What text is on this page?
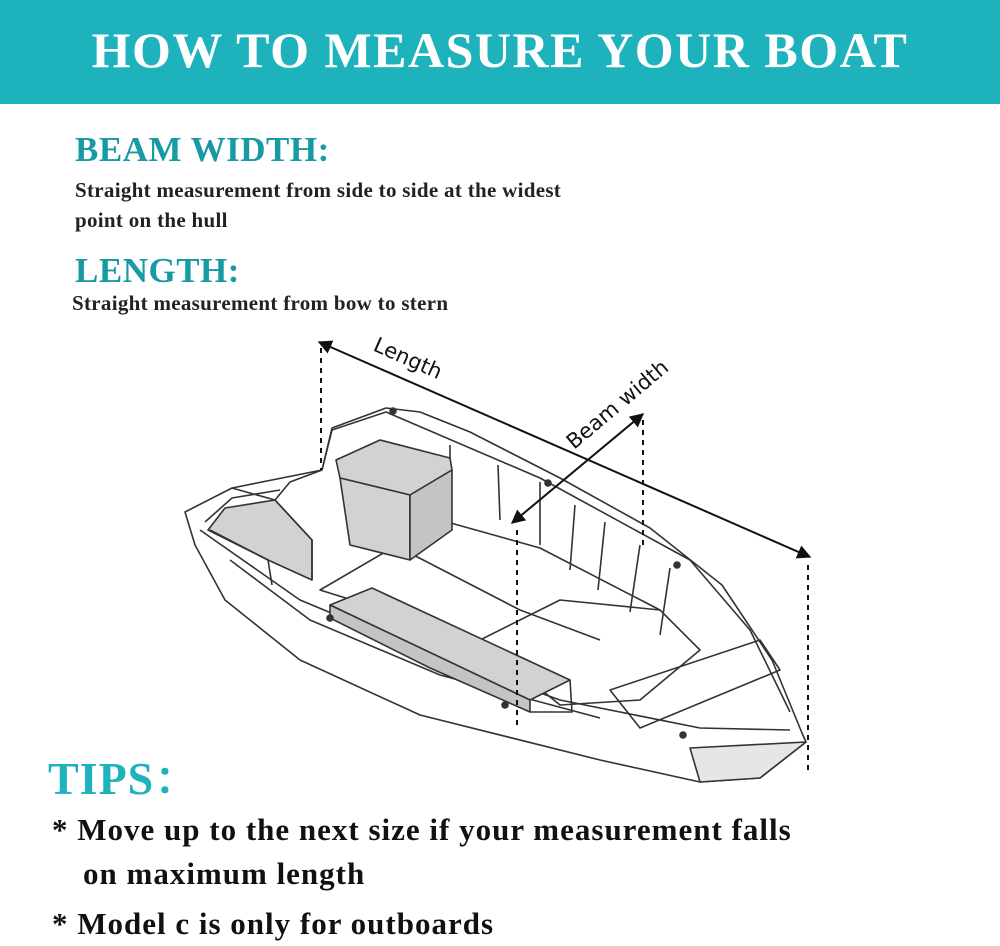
HOW TO MEASURE YOUR BOAT
BEAM WIDTH:
Straight measurement from side to side at the widest
point on the hull
LENGTH:
Straight measurement from bow to stern
Length	Beam width
TIPS：
* Move up to the next size if your measurement falls
on maximum length
* Model c is only for outboards
